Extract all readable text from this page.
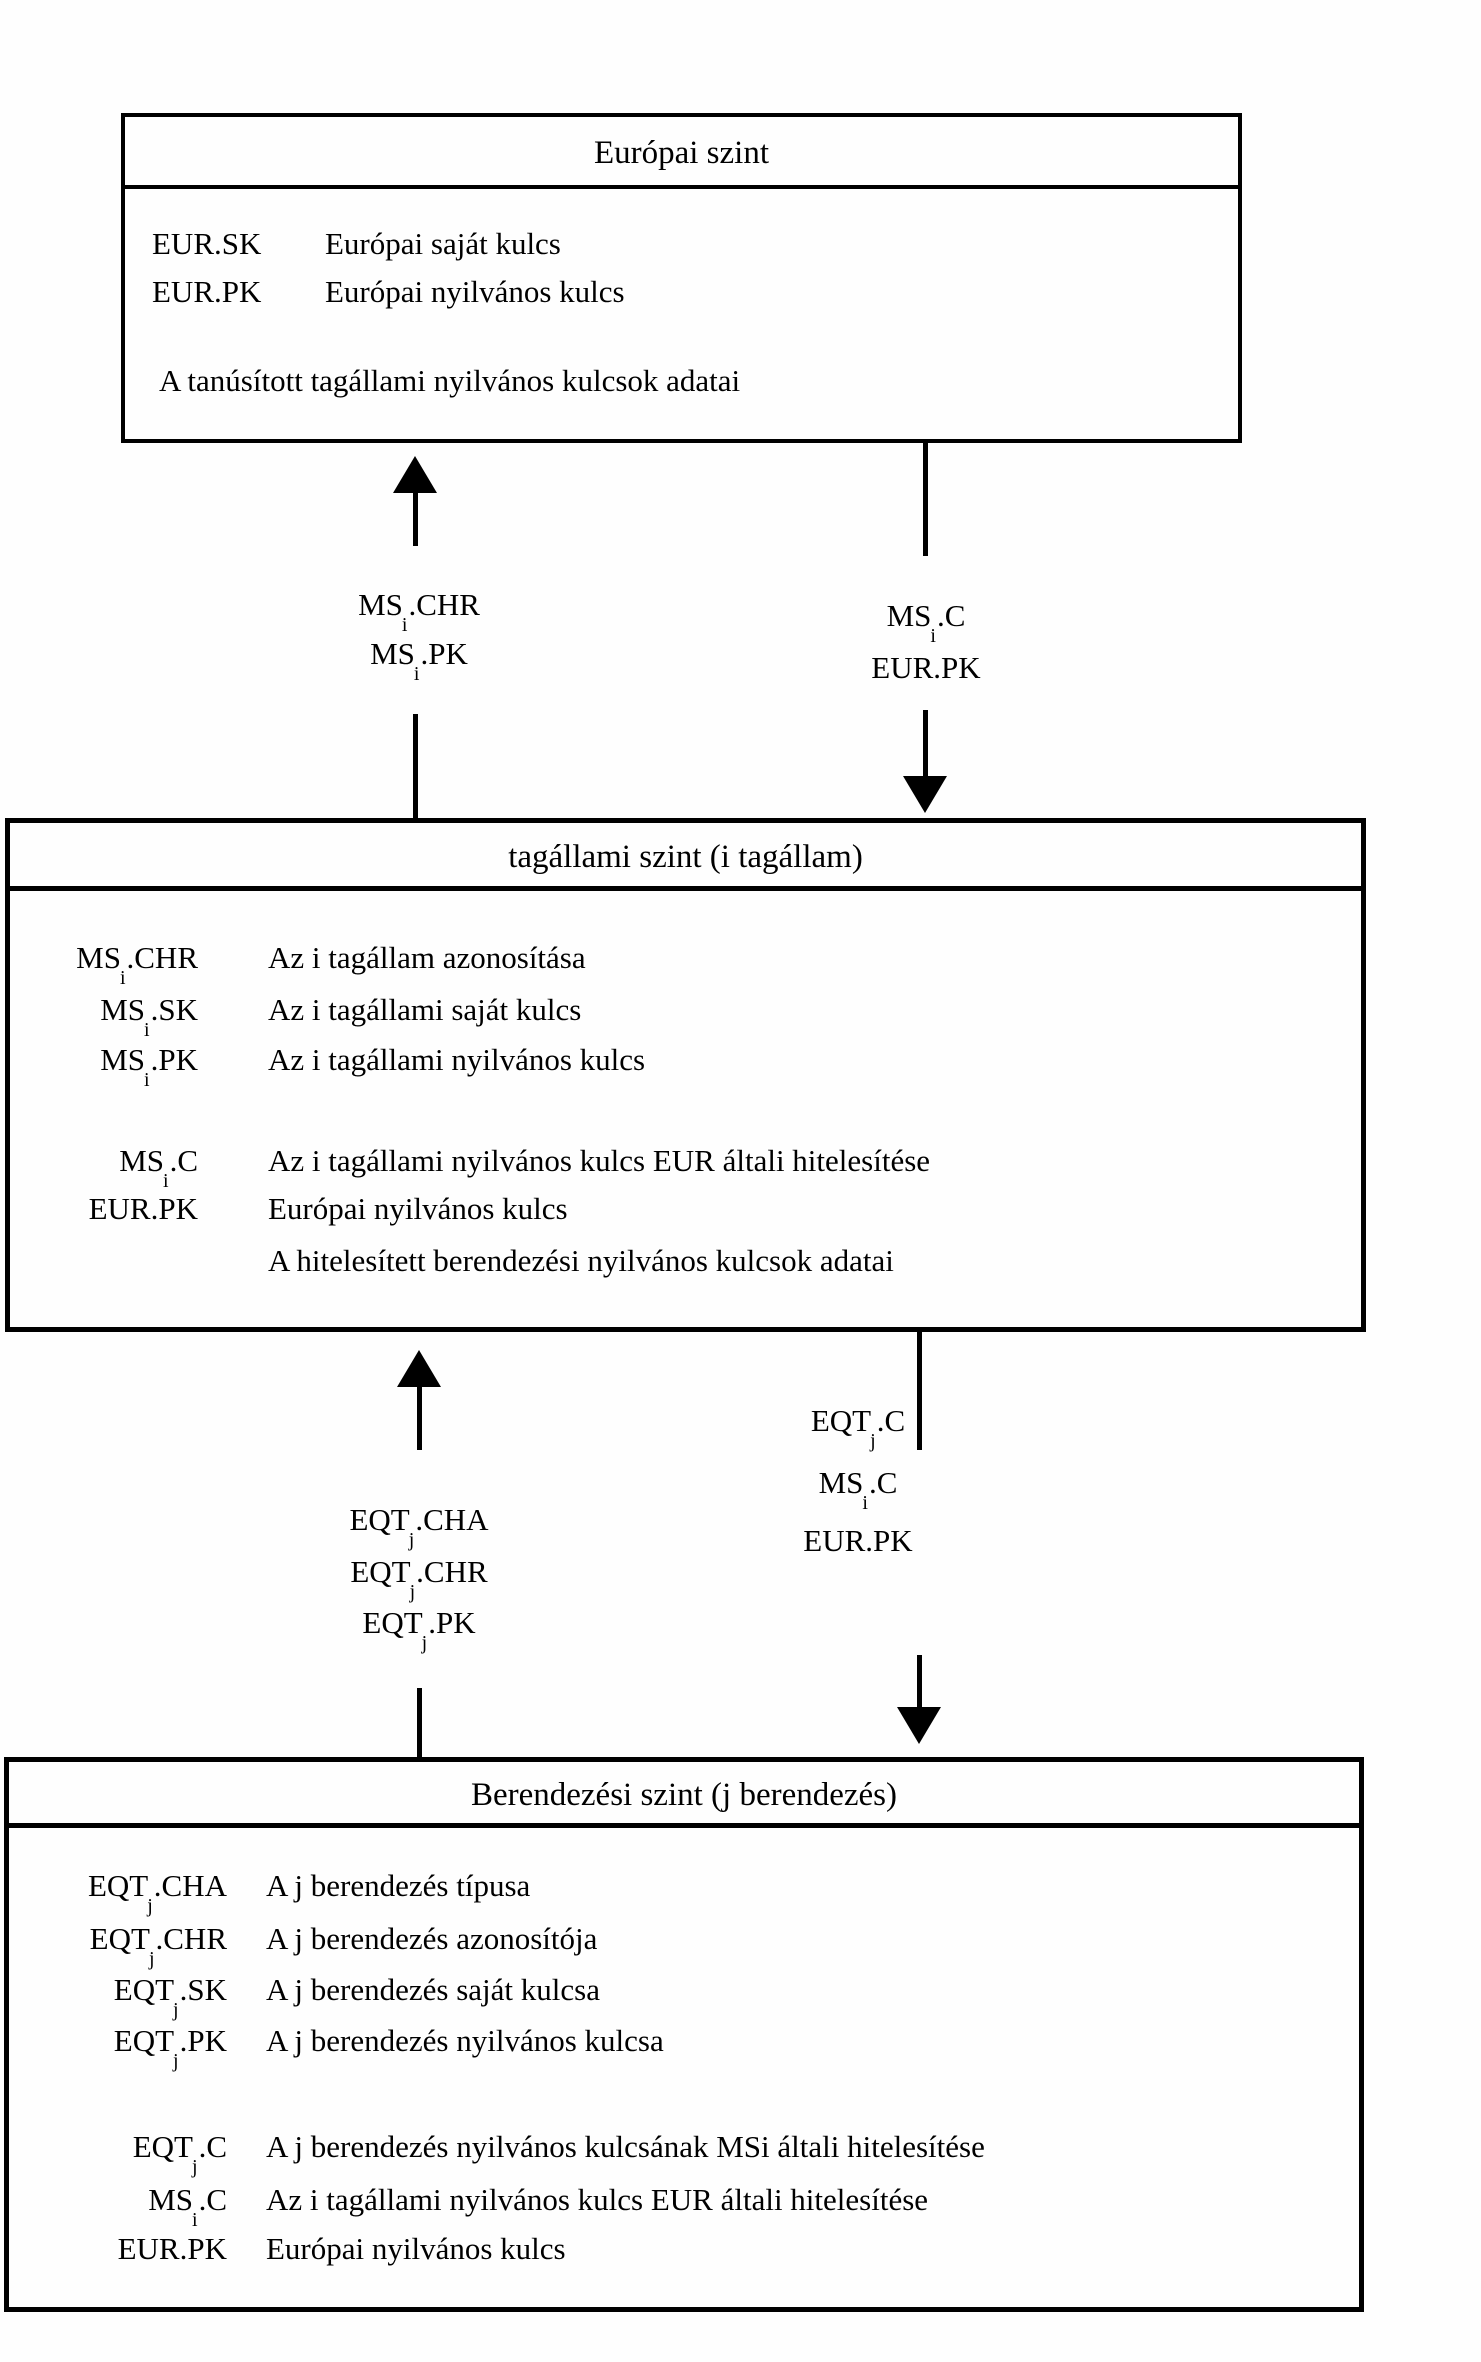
Európai szint
EUR.SK	Európai saját kulcs
EUR.PK	Európai nyilvános kulcs
A tanúsított tagállami nyilvános kulcsok adatai
$MS_i.CHR$
$MS_i.PK$
$MS_i.C$
EUR.PK
tagállami szint (i tagállam)
$MS_i.CHR$ Az i tagállam azonosítása
$MS_i.SK$ Az i tagállami saját kulcs
$MS_i.PK$ Az i tagállami nyilvános kulcs
$MS_i.C$ Az i tagállami nyilvános kulcs EUR általi hitelesítése
EUR.PK Európai nyilvános kulcs
A hitelesített berendezési nyilvános kulcsok adatai
$EQT_j.CHA$
$EQT_j.CHR$
$EQT_j.PK$
$EQT_j.C$
$MS_i.C$
EUR.PK
Berendezési szint (j berendezés)
$EQT_j.CHA$ A j berendezés típusa
$EQT_j.CHR$ A j berendezés azonosítója
$EQT_j.SK$ A j berendezés saját kulcsa
$EQT_j.PK$ A j berendezés nyilvános kulcsa
$EQT_j.C$ A j berendezés nyilvános kulcsának MSi általi hitelesítése
$MS_i.C$ Az i tagállami nyilvános kulcs EUR általi hitelesítése
EUR.PK Európai nyilvános kulcs
